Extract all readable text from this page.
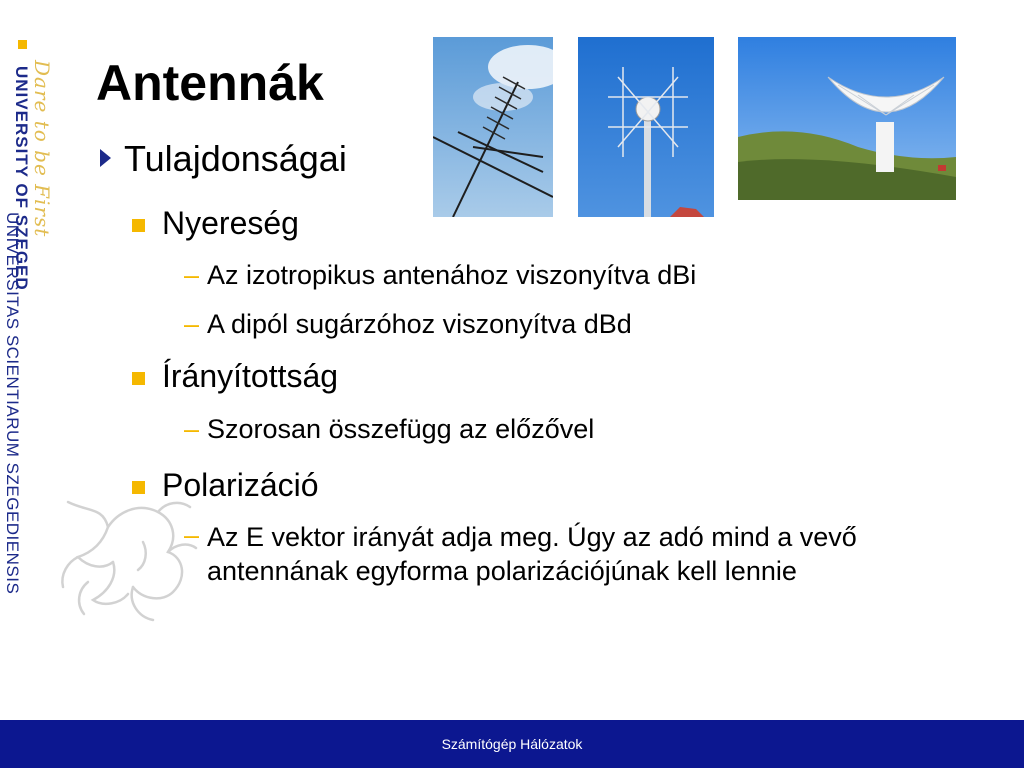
Dare to be First
UNIVERSITY OF SZEGED
UNIVERSITAS SCIENTIARUM SZEGEDIENSIS
Antennák
Tulajdonságai
Nyereség
– Az izotropikus antenához viszonyítva dBi
– A dipól sugárzóhoz viszonyítva dBd
Írányítottság
– Szorosan összefügg az előzővel
Polarizáció
– Az E vektor irányát adja meg. Úgy az adó mind a vevő antennának egyforma polarizációjúnak kell lennie
Számítógép Hálózatok
